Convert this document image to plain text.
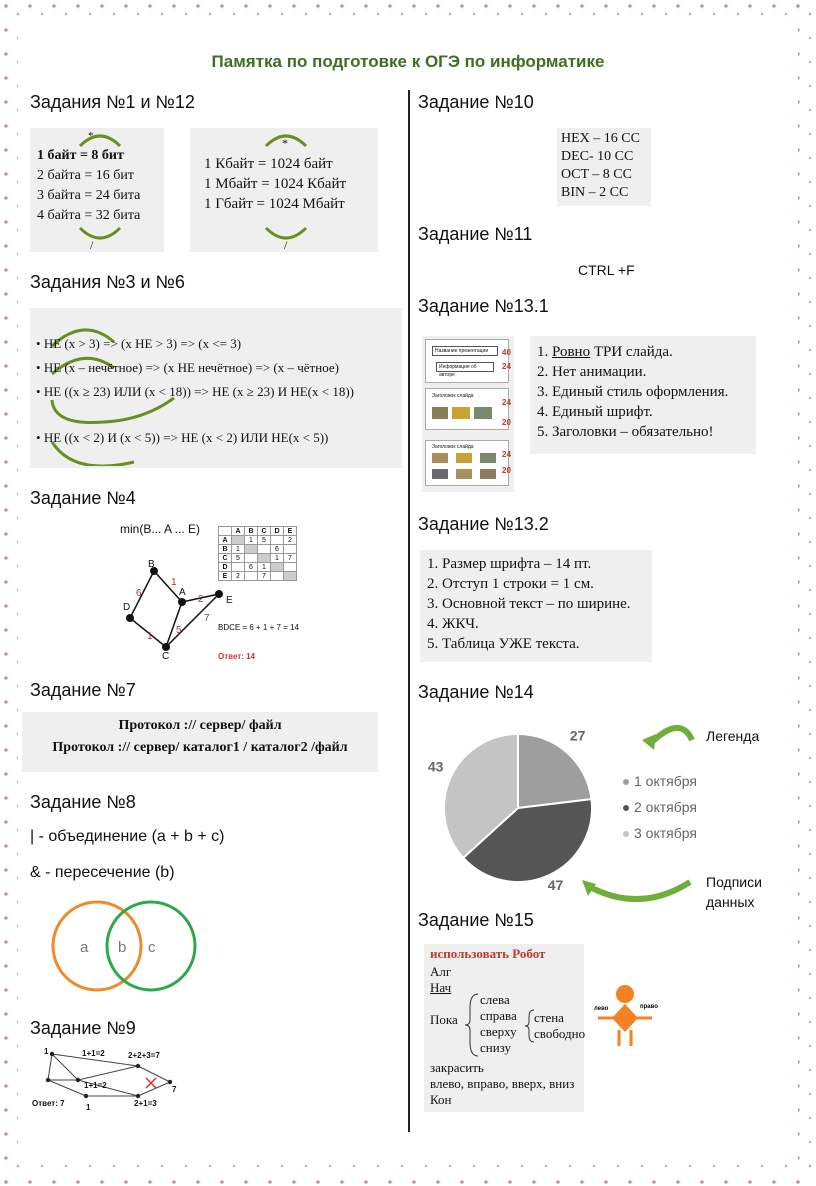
Памятка по подготовке к ОГЭ по информатике
Задания №1 и №12
*
1 байт = 8 бит
2 байта = 16 бит
3 байта = 24 бита
4 байта = 32 бита
/
*
1 Кбайт = 1024 байт
1 Мбайт = 1024 Кбайт
1 Гбайт = 1024 Мбайт
/
Задания №3 и №6
• НЕ (x > 3) => (x НЕ > 3) => (x <= 3)
• НЕ (x – нечётное) => (x НЕ нечётное) => (x – чётное)
• НЕ ((x ≥ 23) ИЛИ (x < 18)) => НЕ (x ≥ 23) И НЕ(x < 18))
• НЕ ((x < 2) И (x < 5)) => НЕ (x < 2) ИЛИ НЕ(x < 5))
Задание №4
min(B... A ... E)
		A	B	C	D	E
A		1	5		2
B	1			6	
C	5			1	7
D		6	1		
E	2		7		
B
D
A
E
C
6
1
2
1
5
7
BDCE = 6 + 1 + 7 = 14
Ответ: 14
Задание №7
Протокол :// сервер/ файл
Протокол :// сервер/ каталог1 / каталог2 /файл
Задание №8
| - объединение (a + b + c)
& - пересечение (b)
a b c
Задание №9
1	1+1=2	2+2+3=7
1+1=2	7
2+1=3
1
Ответ: 7
Задание №10
HEX – 16 CC
DEC- 10 CC
OCT – 8 CC
BIN – 2 CC
Задание №11
CTRL +F
Задание №13.1
Название презентации
Информация об авторе
Заголовок слайда
Заголовок слайда
40
24
24
20
24
20
1. Ровно ТРИ слайда.
2. Нет анимации.
3. Единый стиль оформления.
4. Единый шрифт.
5. Заголовки – обязательно!
Задание №13.2
1. Размер шрифта – 14 пт.
2. Отступ 1 строки = 1 см.
3. Основной текст – по ширине.
4. ЖКЧ.
5. Таблица УЖЕ текста.
Задание №14
27
47
43
1 октября
2 октября
3 октября
Легенда
Подписи
данных
Задание №15
использовать Робот
Алг
Нач
Пока
слева
справа
сверху
снизу
стена
свободно
закрасить
влево, вправо, вверх, вниз
Кон
лево	право
